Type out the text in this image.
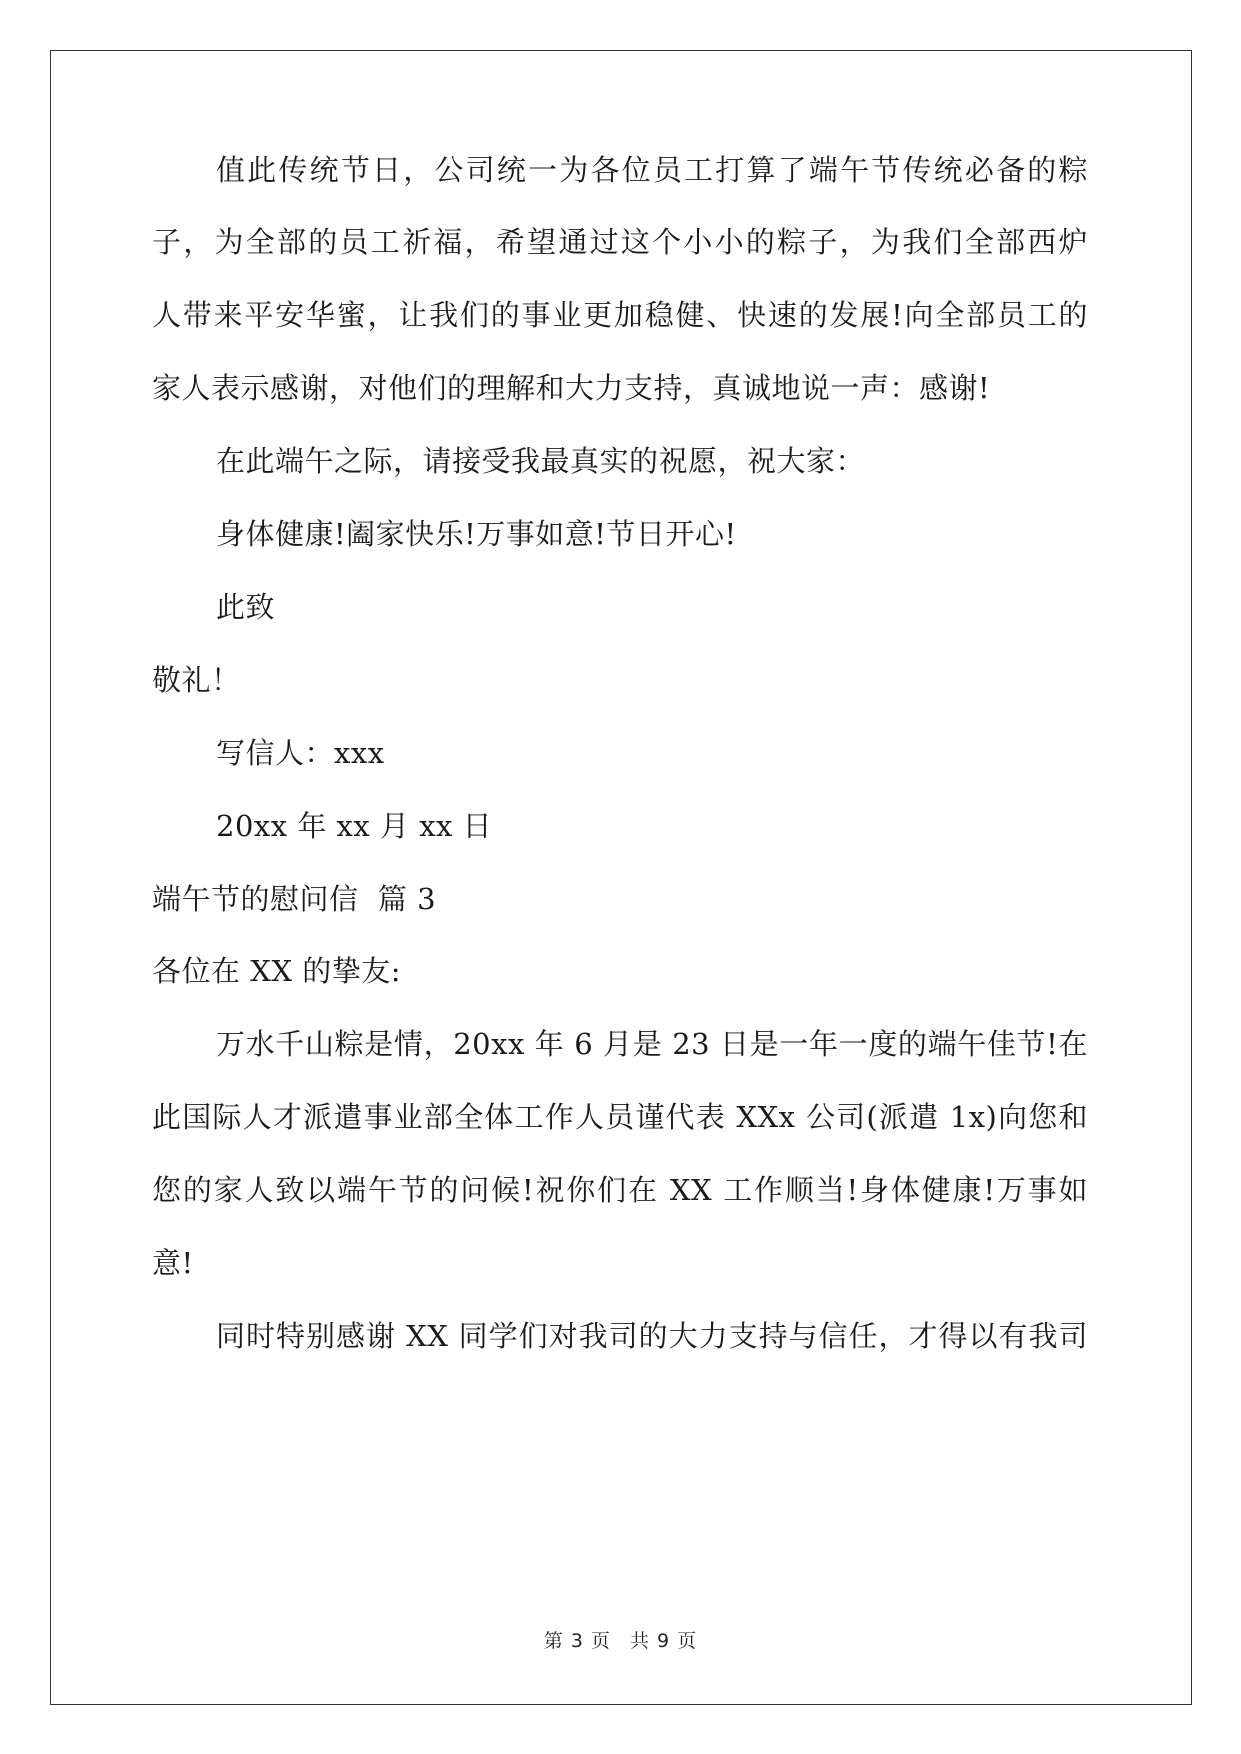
值此传统节日，公司统一为各位员工打算了端午节传统必备的粽
子，为全部的员工祈福，希望通过这个小小的粽子，为我们全部西炉
人带来平安华蜜，让我们的事业更加稳健、快速的发展!向全部员工的
家人表示感谢，对他们的理解和大力支持，真诚地说一声：感谢!
在此端午之际，请接受我最真实的祝愿，祝大家：
身体健康!阖家快乐!万事如意!节日开心!
此致
敬礼！
写信人：xxx
20xx 年 xx 月 xx 日
端午节的慰问信  篇 3
各位在 XX 的挚友:
万水千山粽是情，20xx 年 6 月是 23 日是一年一度的端午佳节!在
此国际人才派遣事业部全体工作人员谨代表 XXx 公司(派遣 1x)向您和
您的家人致以端午节的问候!祝你们在 XX 工作顺当!身体健康!万事如
意!
同时特别感谢 XX 同学们对我司的大力支持与信任，才得以有我司
第 3 页 共 9 页
